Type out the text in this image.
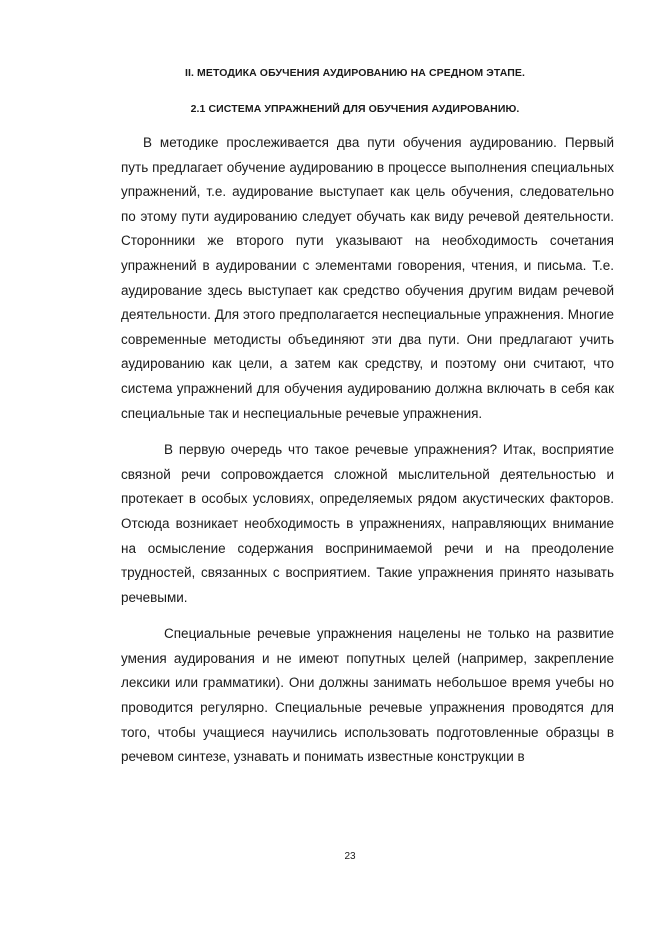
II. МЕТОДИКА ОБУЧЕНИЯ АУДИРОВАНИЮ НА СРЕДНОМ ЭТАПЕ.
2.1 СИСТЕМА УПРАЖНЕНИЙ ДЛЯ ОБУЧЕНИЯ АУДИРОВАНИЮ.

В методике прослеживается два пути обучения аудированию. Первый путь предлагает обучение аудированию в процессе выполнения специальных упражнений, т.е. аудирование выступает как цель обучения, следовательно по этому пути аудированию следует обучать как виду речевой деятельности. Сторонники же второго пути указывают на необходимость сочетания упражнений в аудировании с элементами говорения, чтения, и письма. Т.е. аудирование здесь выступает как средство обучения другим видам речевой деятельности. Для этого предполагается неспециальные упражнения. Многие современные методисты объединяют эти два пути. Они предлагают учить аудированию как цели, а затем как средству, и поэтому они считают, что система упражнений для обучения аудированию должна включать в себя как специальные так и неспециальные речевые упражнения.

В первую очередь что такое речевые упражнения? Итак, восприятие связной речи сопровождается сложной мыслительной деятельностью и протекает в особых условиях, определяемых рядом акустических факторов. Отсюда возникает необходимость в упражнениях, направляющих внимание на осмысление содержания воспринимаемой речи и на преодоление трудностей, связанных с восприятием. Такие упражнения принято называть речевыми.

Специальные речевые упражнения нацелены не только на развитие умения аудирования и не имеют попутных целей (например, закрепление лексики или грамматики). Они должны занимать небольшое время учебы но проводится регулярно. Специальные речевые упражнения проводятся для того, чтобы учащиеся научились использовать подготовленные образцы в речевом синтезе, узнавать и понимать известные конструкции в

23
